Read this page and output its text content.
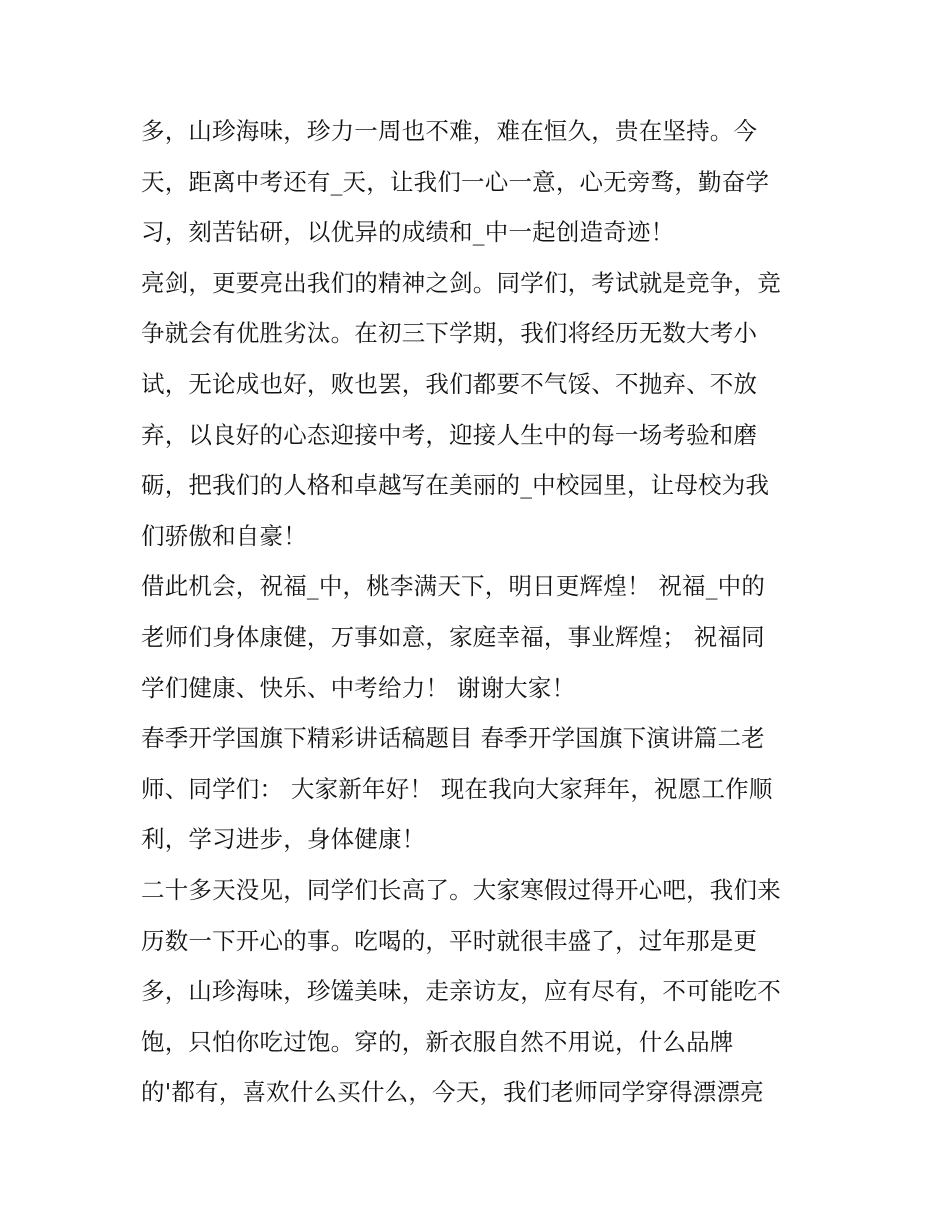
多，山珍海味，珍力一周也不难，难在恒久，贵在坚持。今
天，距离中考还有_天，让我们一心一意，心无旁骛，勤奋学
习，刻苦钻研，以优异的成绩和_中一起创造奇迹！
亮剑，更要亮出我们的精神之剑。同学们，考试就是竞争，竞
争就会有优胜劣汰。在初三下学期，我们将经历无数大考小
试，无论成也好，败也罢，我们都要不气馁、不抛弃、不放
弃，以良好的心态迎接中考，迎接人生中的每一场考验和磨
砺，把我们的人格和卓越写在美丽的_中校园里，让母校为我
们骄傲和自豪！
借此机会，祝福_中，桃李满天下，明日更辉煌！ 祝福_中的
老师们身体康健，万事如意，家庭幸福，事业辉煌； 祝福同
学们健康、快乐、中考给力！ 谢谢大家！
春季开学国旗下精彩讲话稿题目 春季开学国旗下演讲篇二老
师、同学们： 大家新年好！ 现在我向大家拜年，祝愿工作顺
利，学习进步，身体健康！
二十多天没见，同学们长高了。大家寒假过得开心吧，我们来
历数一下开心的事。吃喝的，平时就很丰盛了，过年那是更
多，山珍海味，珍馐美味，走亲访友，应有尽有，不可能吃不
饱，只怕你吃过饱。穿的，新衣服自然不用说，什么品牌
的'都有，喜欢什么买什么，今天，我们老师同学穿得漂漂亮
